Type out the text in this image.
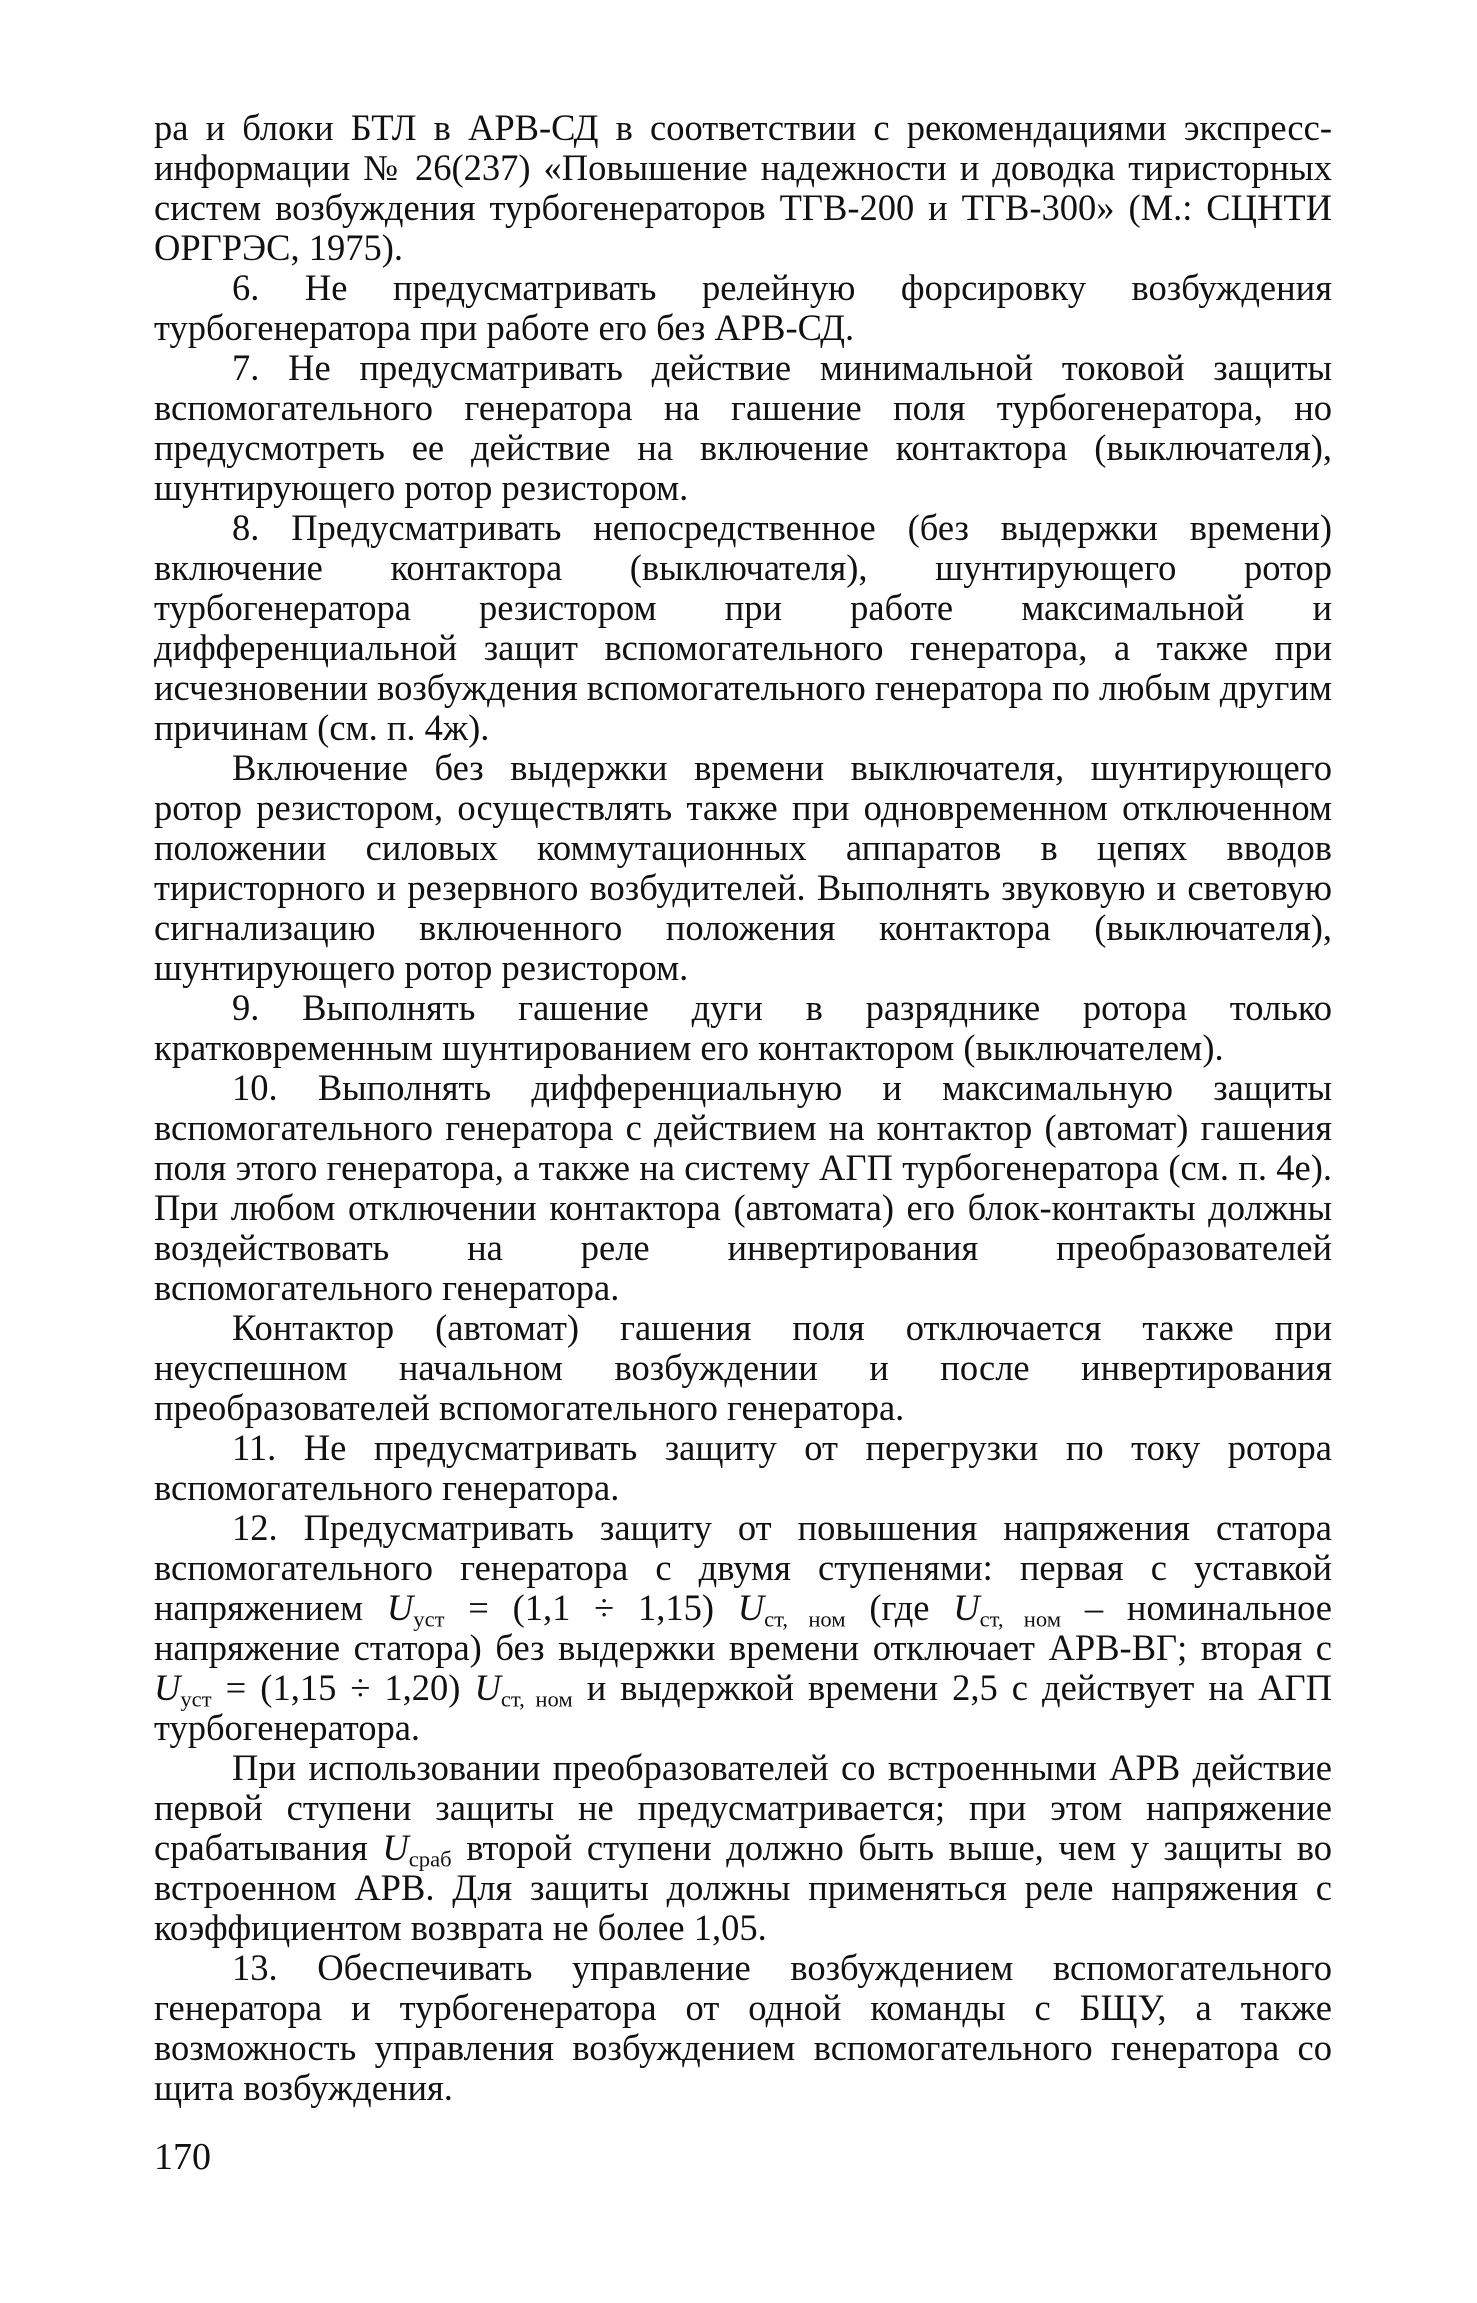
ра и блоки БТЛ в АРВ-СД в соответствии с рекомендациями экспресс-информации № 26(237) «Повышение надежности и доводка тиристорных систем возбуждения турбогенераторов ТГВ-200 и ТГВ-300» (М.: СЦНТИ ОРГРЭС, 1975).

6. Не предусматривать релейную форсировку возбуждения турбогенератора при работе его без АРВ-СД.

7. Не предусматривать действие минимальной токовой защиты вспомогательного генератора на гашение поля турбогенератора, но предусмотреть ее действие на включение контактора (выключателя), шунтирующего ротор резистором.

8. Предусматривать непосредственное (без выдержки времени) включение контактора (выключателя), шунтирующего ротор турбогенератора резистором при работе максимальной и дифференциальной защит вспомогательного генератора, а также при исчезновении возбуждения вспомогательного генератора по любым другим причинам (см. п. 4ж).

Включение без выдержки времени выключателя, шунтирующего ротор резистором, осуществлять также при одновременном отключенном положении силовых коммутационных аппаратов в цепях вводов тиристорного и резервного возбудителей. Выполнять звуковую и световую сигнализацию включенного положения контактора (выключателя), шунтирующего ротор резистором.

9. Выполнять гашение дуги в разряднике ротора только кратковременным шунтированием его контактором (выключателем).

10. Выполнять дифференциальную и максимальную защиты вспомогательного генератора с действием на контактор (автомат) гашения поля этого генератора, а также на систему АГП турбогенератора (см. п. 4е). При любом отключении контактора (автомата) его блок-контакты должны воздействовать на реле инвертирования преобразователей вспомогательного генератора.

Контактор (автомат) гашения поля отключается также при неуспешном начальном возбуждении и после инвертирования преобразователей вспомогательного генератора.

11. Не предусматривать защиту от перегрузки по току ротора вспомогательного генератора.

12. Предусматривать защиту от повышения напряжения статора вспомогательного генератора с двумя ступенями: первая с уставкой напряжением $U_{уст} = (1,1 \div 1,15)$ $U_{ст, ном}$ (где $U_{ст, ном}$ – номинальное напряжение статора) без выдержки времени отключает АРВ-ВГ; вторая с $U_{уст} = (1,15 \div 1,20)$ $U_{ст, ном}$ и выдержкой времени 2,5 с действует на АГП турбогенератора.

При использовании преобразователей со встроенными АРВ действие первой ступени защиты не предусматривается; при этом напряжение срабатывания $U_{сраб}$ второй ступени должно быть выше, чем у защиты во встроенном АРВ. Для защиты должны применяться реле напряжения с коэффициентом возврата не более 1,05.

13. Обеспечивать управление возбуждением вспомогательного генератора и турбогенератора от одной команды с БЩУ, а также возможность управления возбуждением вспомогательного генератора со щита возбуждения.

170
